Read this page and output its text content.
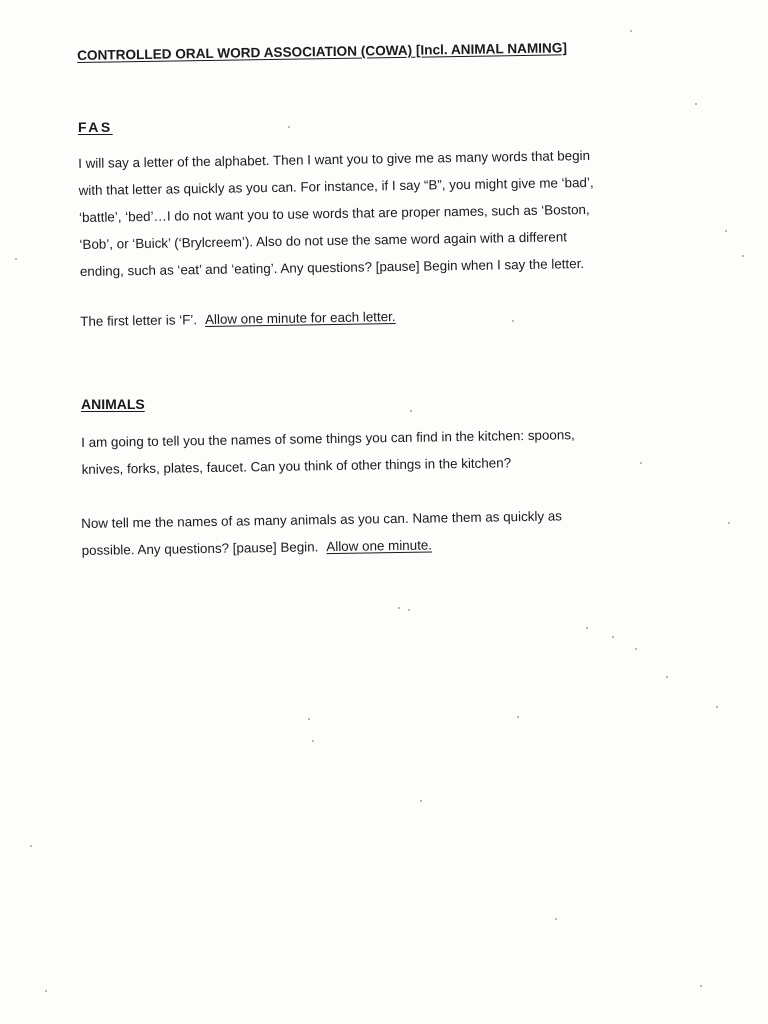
CONTROLLED ORAL WORD ASSOCIATION (COWA) [Incl. ANIMAL NAMING]
FAS
I will say a letter of the alphabet. Then I want you to give me as many words that begin
with that letter as quickly as you can. For instance, if I say “B”, you might give me ‘bad’,
‘battle’, ‘bed’…I do not want you to use words that are proper names, such as ‘Boston,
‘Bob’, or ‘Buick’ (‘Brylcreem’). Also do not use the same word again with a different
ending, such as ‘eat’ and ‘eating’. Any questions? [pause] Begin when I say the letter.
The first letter is ‘F’. Allow one minute for each letter.
ANIMALS
I am going to tell you the names of some things you can find in the kitchen: spoons,
knives, forks, plates, faucet. Can you think of other things in the kitchen?
Now tell me the names of as many animals as you can. Name them as quickly as
possible. Any questions? [pause] Begin. Allow one minute.
